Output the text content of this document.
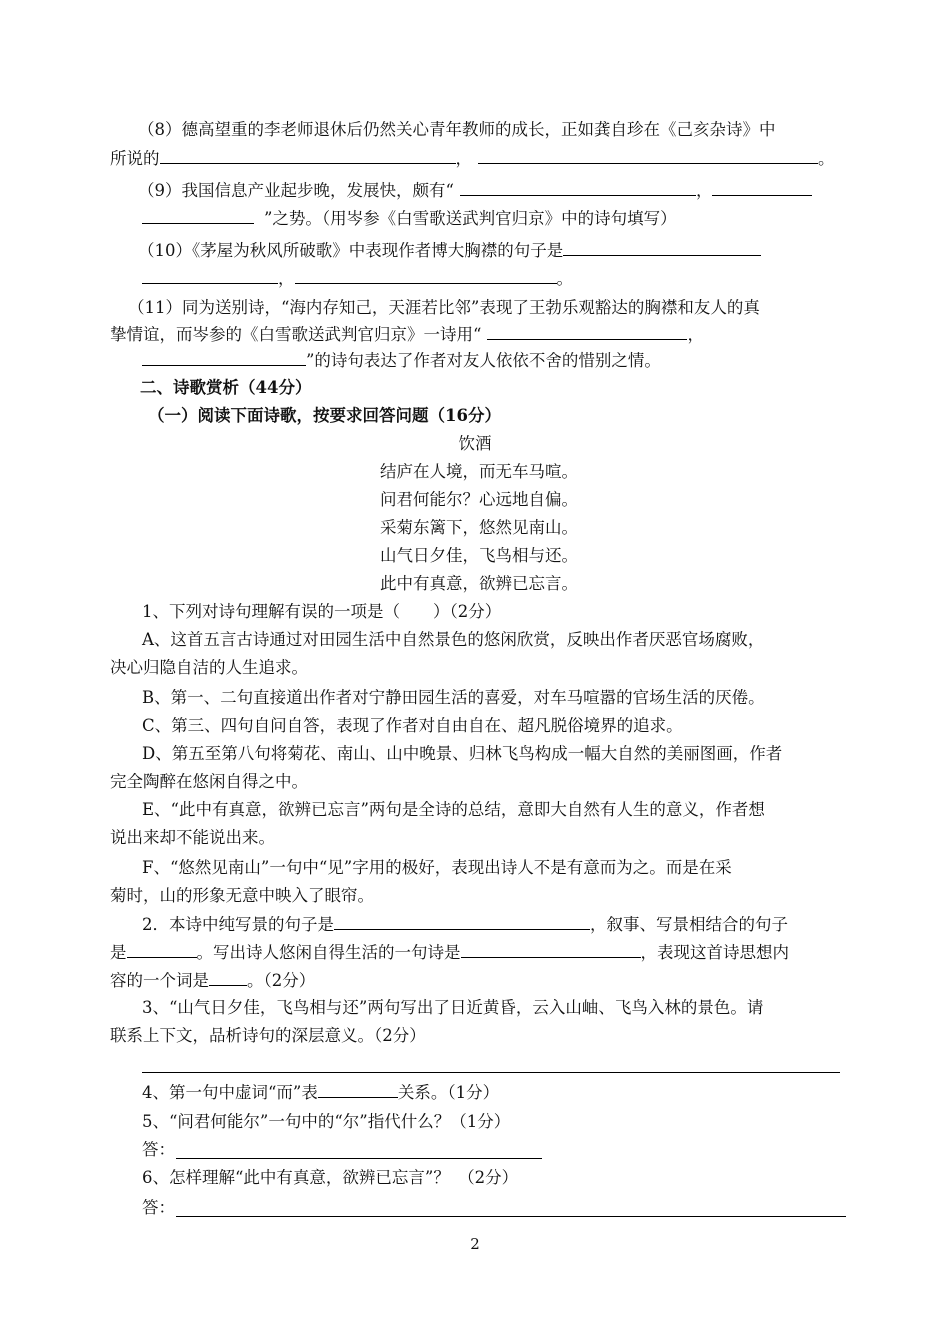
（8）德高望重的李老师退休后仍然关心青年教师的成长，正如龚自珍在《己亥杂诗》中
所说的	，	。
（9）我国信息产业起步晚，发展快，颇有“	，
”之势。（用岑参《白雪歌送武判官归京》中的诗句填写）
（10）《茅屋为秋风所破歌》中表现作者博大胸襟的句子是
，	。
（11）同为送别诗，“海内存知己，天涯若比邻”表现了王勃乐观豁达的胸襟和友人的真
挚情谊，而岑参的《白雪歌送武判官归京》一诗用“	，
”的诗句表达了作者对友人依依不舍的惜别之情。
二、诗歌赏析（44分）
（一）阅读下面诗歌，按要求回答问题（16分）
饮酒
结庐在人境，而无车马喧。
问君何能尔？心远地自偏。
采菊东篱下，悠然见南山。
山气日夕佳，飞鸟相与还。
此中有真意，欲辨已忘言。
1、下列对诗句理解有误的一项是（　　）（2分）
A、这首五言古诗通过对田园生活中自然景色的悠闲欣赏，反映出作者厌恶官场腐败，
决心归隐自洁的人生追求。
B、第一、二句直接道出作者对宁静田园生活的喜爱，对车马喧嚣的官场生活的厌倦。
C、第三、四句自问自答，表现了作者对自由自在、超凡脱俗境界的追求。
D、第五至第八句将菊花、南山、山中晚景、归林飞鸟构成一幅大自然的美丽图画，作者
完全陶醉在悠闲自得之中。
E、“此中有真意，欲辨已忘言”两句是全诗的总结，意即大自然有人生的意义，作者想
说出来却不能说出来。
F、“悠然见南山”一句中“见”字用的极好，表现出诗人不是有意而为之。而是在采
菊时，山的形象无意中映入了眼帘。
2．本诗中纯写景的句子是	，叙事、写景相结合的句子
是	。写出诗人悠闲自得生活的一句诗是	，表现这首诗思想内
容的一个词是 。（2分）
3、“山气日夕佳，飞鸟相与还”两句写出了日近黄昏，云入山岫、飞鸟入林的景色。请
联系上下文，品析诗句的深层意义。（2分）
4、第一句中虚词“而”表	关系。（1分）
5、“问君何能尔”一句中的“尔”指代什么？（1分）
答：
6、怎样理解“此中有真意，欲辨已忘言”？　（2分）
答：
2
